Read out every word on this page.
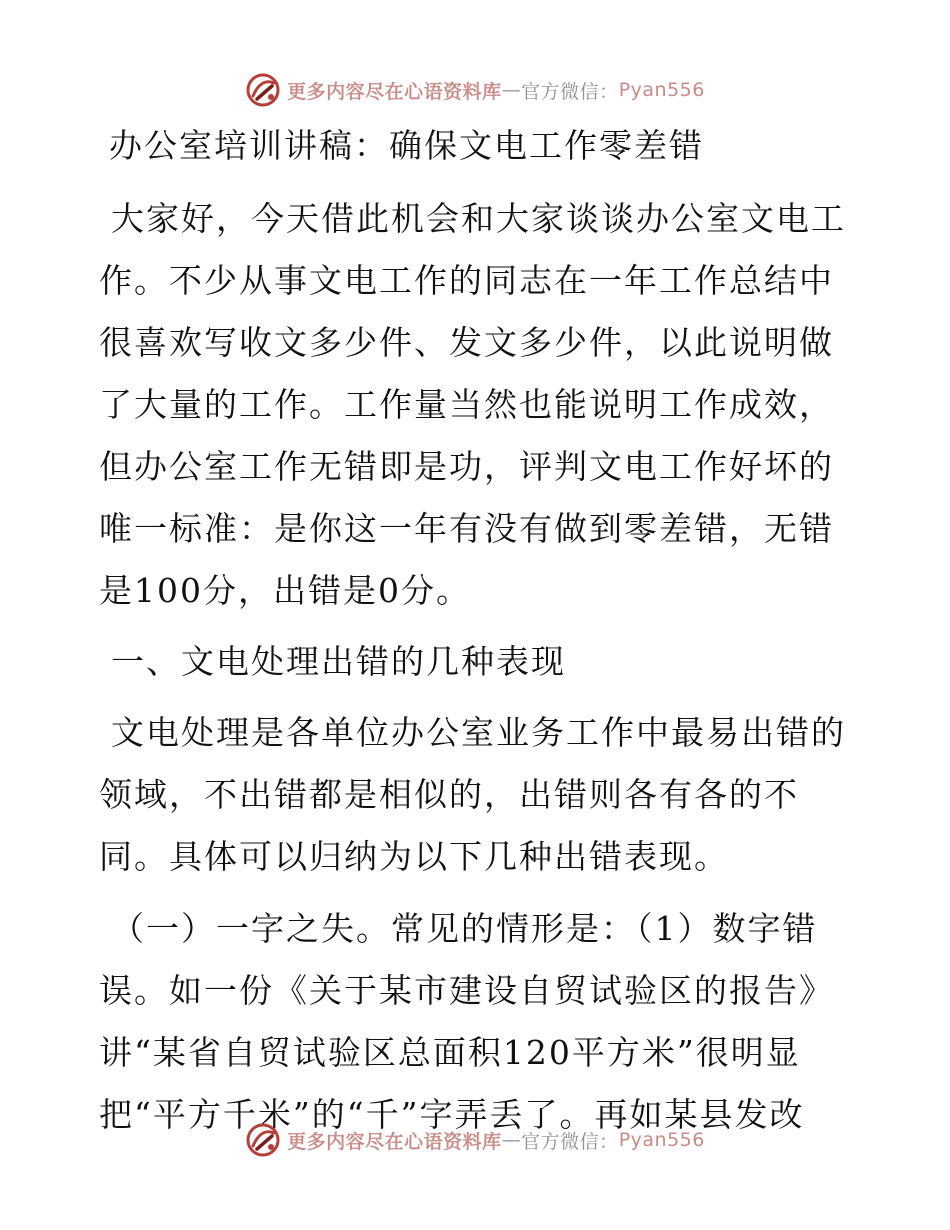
更多内容尽在心语资料库 — 官方微信： Pyan556
办公室培训讲稿：确保文电工作零差错

大家好，今天借此机会和大家谈谈办公室文电工作。不少从事文电工作的同志在一年工作总结中很喜欢写收文多少件、发文多少件，以此说明做了大量的工作。工作量当然也能说明工作成效，但办公室工作无错即是功，评判文电工作好坏的唯一标准：是你这一年有没有做到零差错，无错是100分，出错是0分。

一、文电处理出错的几种表现

文电处理是各单位办公室业务工作中最易出错的领域，不出错都是相似的，出错则各有各的不同。具体可以归纳为以下几种出错表现。

（一）一字之失。常见的情形是：（1）数字错误。如一份《关于某市建设自贸试验区的报告》讲“某省自贸试验区总面积120平方米”很明显把“平方千米”的“千”字弄丢了。再如某县发改

更多内容尽在心语资料库 — 官方微信： Pyan556
